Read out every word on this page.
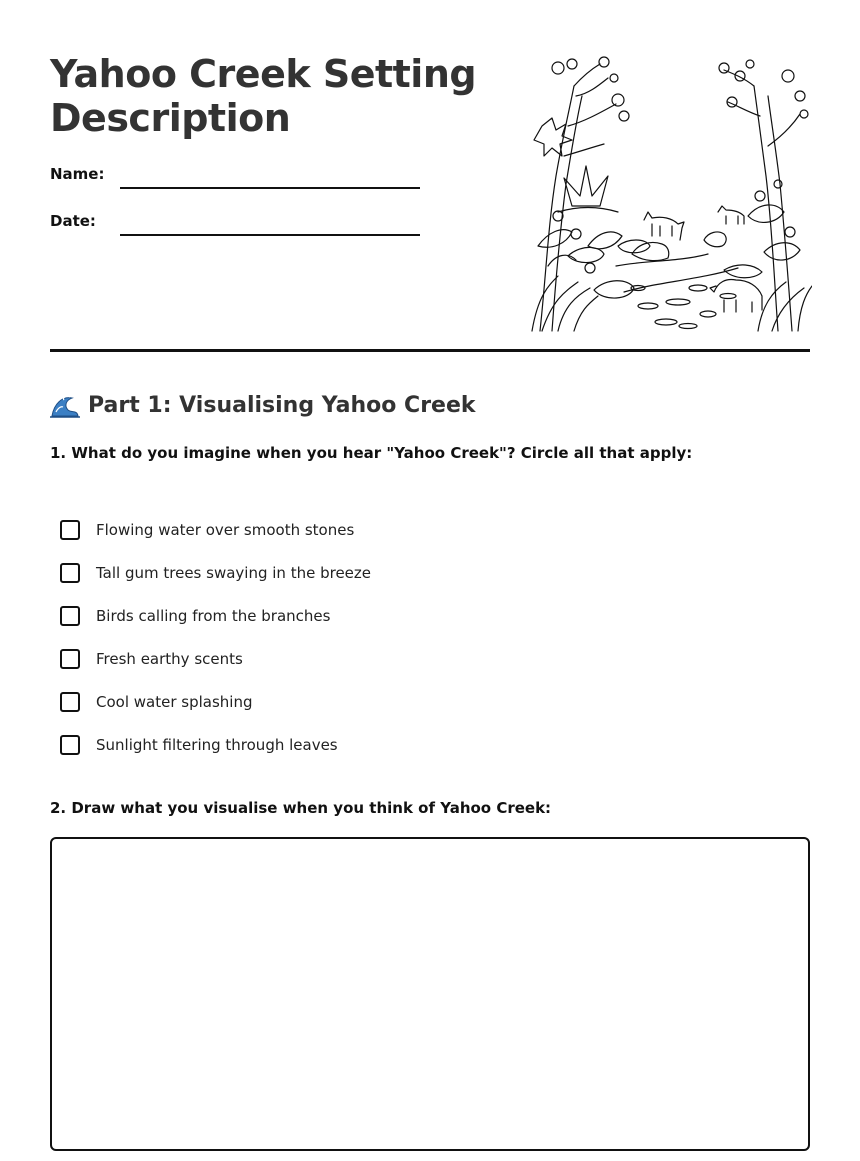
Yahoo Creek Setting
Description
Name:
Date:
Part 1: Visualising Yahoo Creek

1. What do you imagine when you hear "Yahoo Creek"? Circle all that apply:

Flowing water over smooth stones
Tall gum trees swaying in the breeze
Birds calling from the branches
Fresh earthy scents
Cool water splashing
Sunlight filtering through leaves

2. Draw what you visualise when you think of Yahoo Creek:
